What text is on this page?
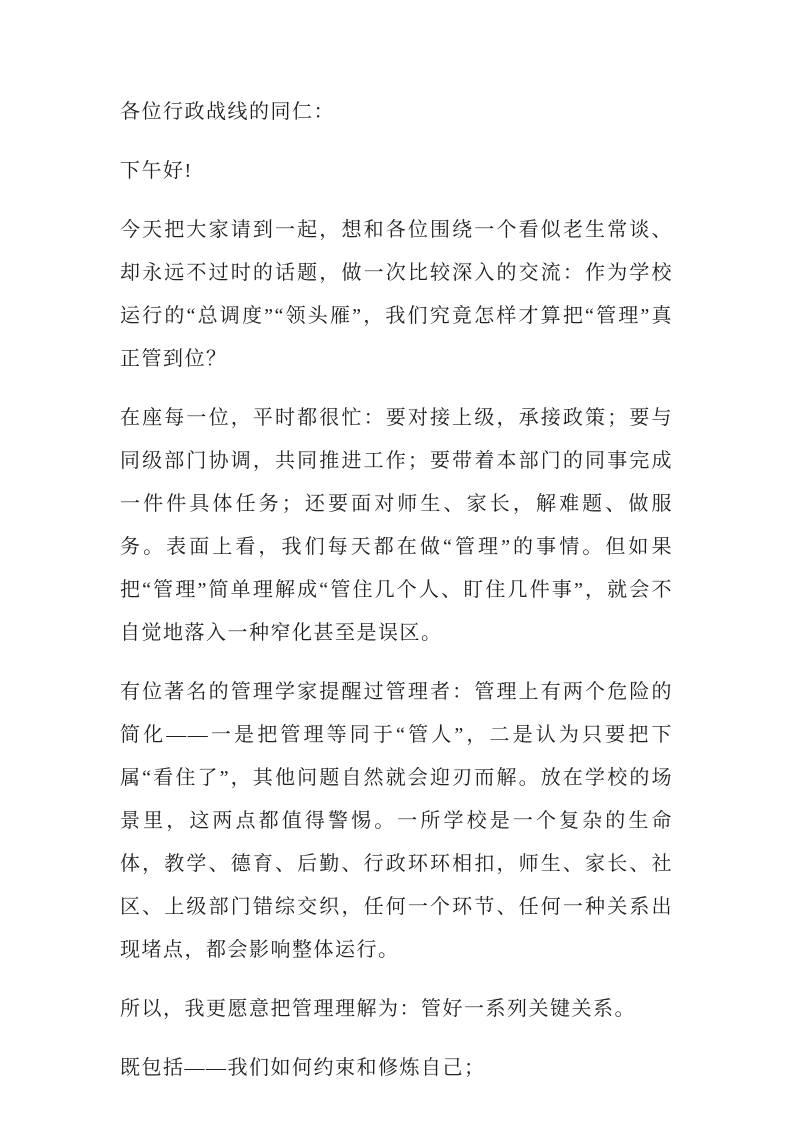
各位行政战线的同仁：

下午好!

今天把大家请到一起，想和各位围绕一个看似老生常谈、却永远不过时的话题，做一次比较深入的交流：作为学校运行的“总调度”“领头雁”，我们究竟怎样才算把“管理”真正管到位？

在座每一位，平时都很忙：要对接上级，承接政策；要与同级部门协调，共同推进工作；要带着本部门的同事完成一件件具体任务；还要面对师生、家长，解难题、做服务。表面上看，我们每天都在做“管理”的事情。但如果把“管理”简单理解成“管住几个人、盯住几件事”，就会不自觉地落入一种窄化甚至是误区。

有位著名的管理学家提醒过管理者：管理上有两个危险的简化——一是把管理等同于“管人”，二是认为只要把下属“看住了”，其他问题自然就会迎刃而解。放在学校的场景里，这两点都值得警惕。一所学校是一个复杂的生命体，教学、德育、后勤、行政环环相扣，师生、家长、社区、上级部门错综交织，任何一个环节、任何一种关系出现堵点，都会影响整体运行。

所以，我更愿意把管理理解为：管好一系列关键关系。

既包括——我们如何约束和修炼自己；
